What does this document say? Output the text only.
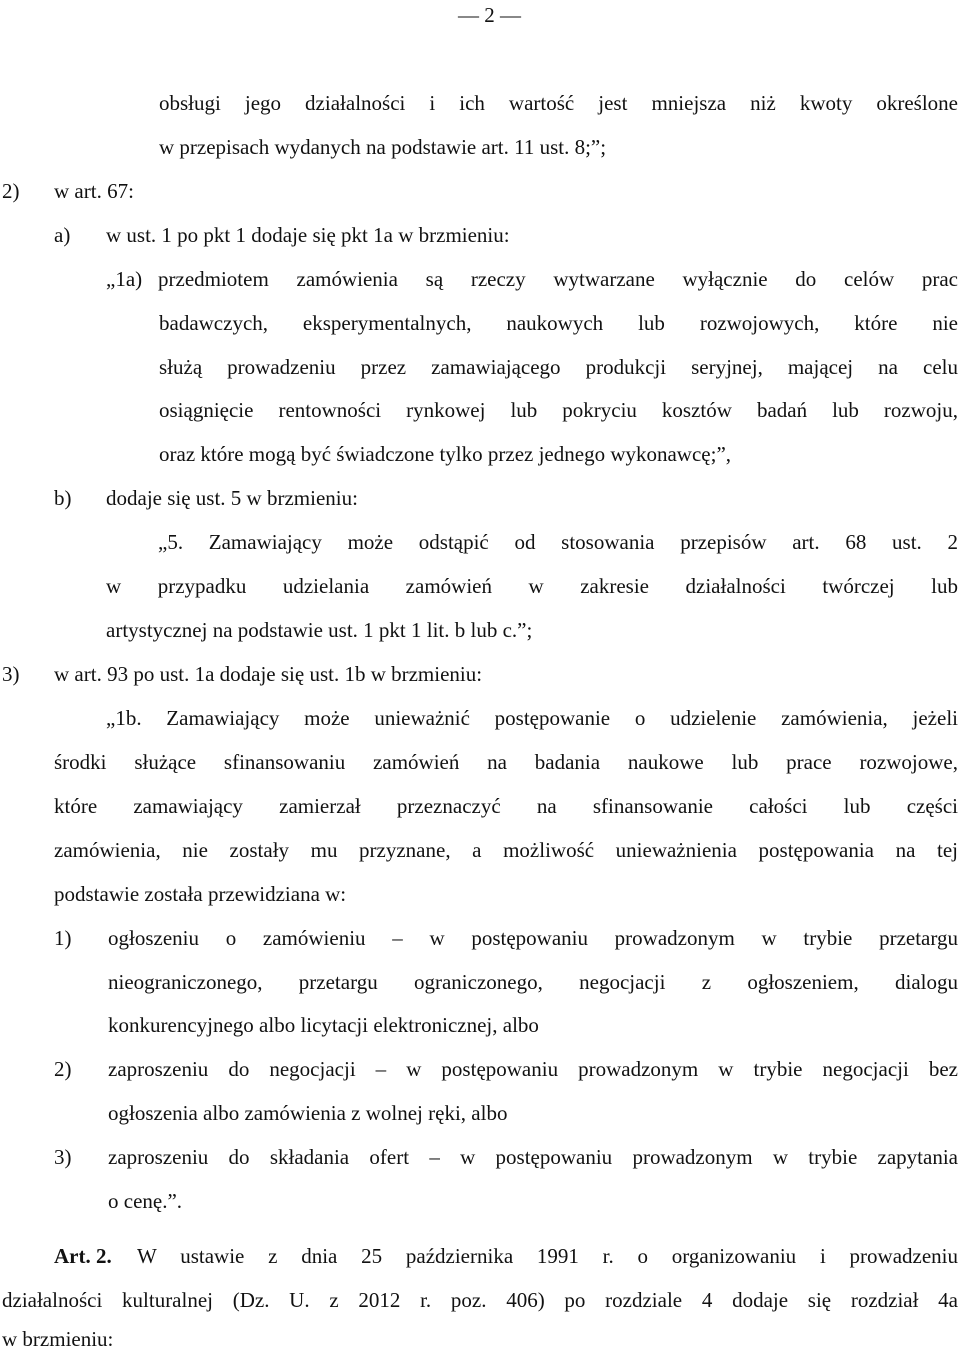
— 2 —
obsługi jego działalności i ich wartość jest mniejsza niż kwoty określone
w przepisach wydanych na podstawie art. 11 ust. 8;”;
2) w art. 67:
a) w ust. 1 po pkt 1 dodaje się pkt 1a w brzmieniu:
„1a) przedmiotem zamówienia są rzeczy wytwarzane wyłącznie do celów prac
badawczych, eksperymentalnych, naukowych lub rozwojowych, które nie
służą prowadzeniu przez zamawiającego produkcji seryjnej, mającej na celu
osiągnięcie rentowności rynkowej lub pokryciu kosztów badań lub rozwoju,
oraz które mogą być świadczone tylko przez jednego wykonawcę;”,
b) dodaje się ust. 5 w brzmieniu:
„5. Zamawiający może odstąpić od stosowania przepisów art. 68 ust. 2
w przypadku udzielania zamówień w zakresie działalności twórczej lub
artystycznej na podstawie ust. 1 pkt 1 lit. b lub c.”;
3) w art. 93 po ust. 1a dodaje się ust. 1b w brzmieniu:
„1b. Zamawiający może unieważnić postępowanie o udzielenie zamówienia, jeżeli
środki służące sfinansowaniu zamówień na badania naukowe lub prace rozwojowe,
które zamawiający zamierzał przeznaczyć na sfinansowanie całości lub części
zamówienia, nie zostały mu przyznane, a możliwość unieważnienia postępowania na tej
podstawie została przewidziana w:
1) ogłoszeniu o zamówieniu – w postępowaniu prowadzonym w trybie przetargu
nieograniczonego, przetargu ograniczonego, negocjacji z ogłoszeniem, dialogu
konkurencyjnego albo licytacji elektronicznej, albo
2) zaproszeniu do negocjacji – w postępowaniu prowadzonym w trybie negocjacji bez
ogłoszenia albo zamówienia z wolnej ręki, albo
3) zaproszeniu do składania ofert – w postępowaniu prowadzonym w trybie zapytania
o cenę.”.
Art. 2. W ustawie z dnia 25 października 1991 r. o organizowaniu i prowadzeniu
działalności kulturalnej (Dz. U. z 2012 r. poz. 406) po rozdziale 4 dodaje się rozdział 4a
w brzmieniu:
